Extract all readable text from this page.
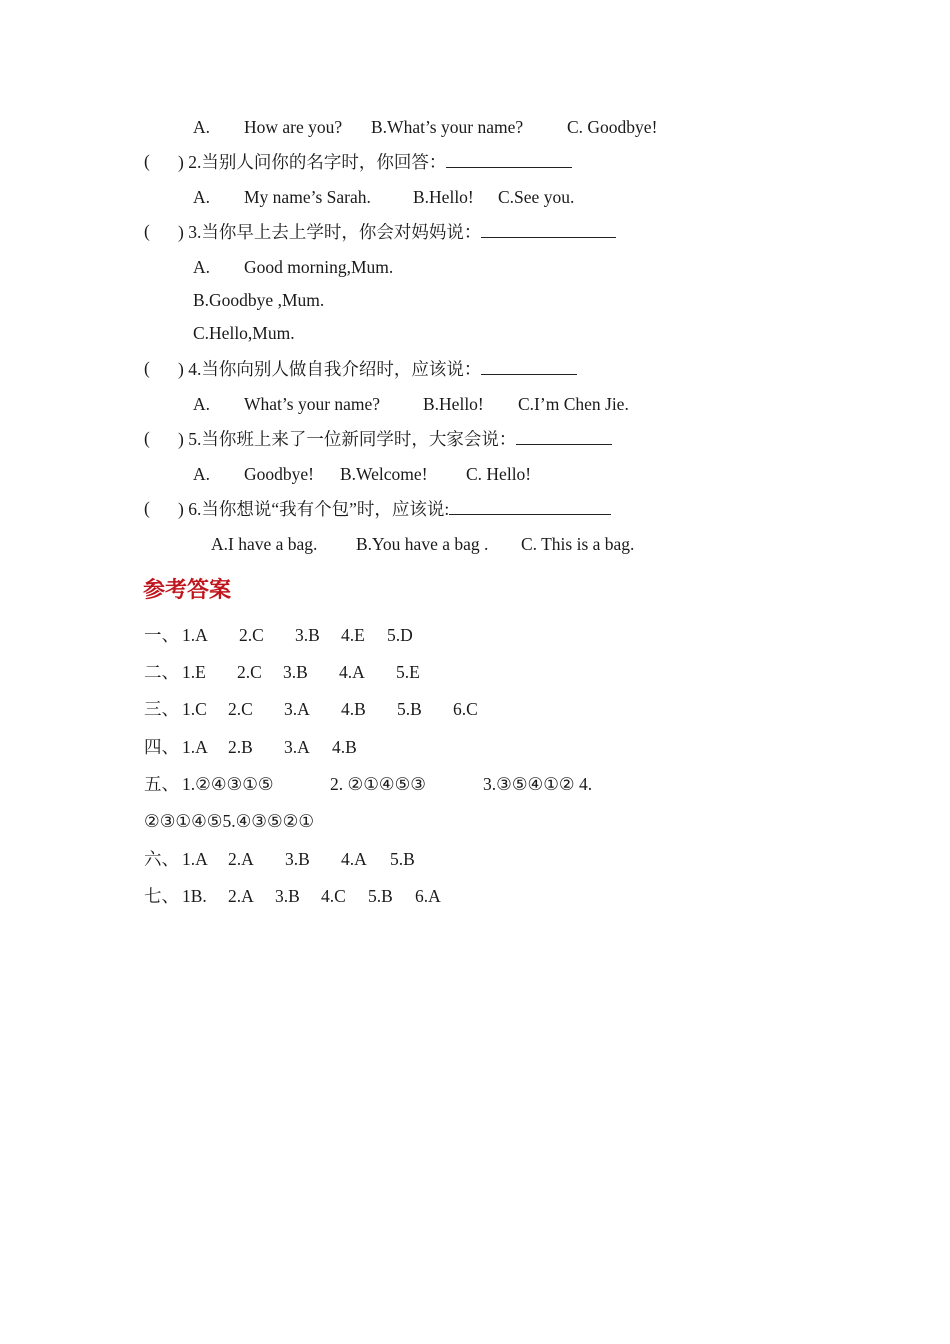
A. How are you? B.What’s your name?	C. Goodbye!
( ) 2.当别人问你的名字时，你回答：
A. My name’s Sarah. B.Hello! C.See you.
( ) 3.当你早上去上学时，你会对妈妈说：
A. Good morning,Mum.
B.Goodbye ,Mum.
C.Hello,Mum.
( ) 4.当你向别人做自我介绍时，应该说：
A. What’s your name? B.Hello! C.I’m Chen Jie.
( ) 5.当你班上来了一位新同学时，大家会说：
A. Goodbye! B.Welcome! C. Hello!
( ) 6.当你想说“我有个包”时，应该说:
A.I have a bag. B.You have a bag . C. This is a bag.
参考答案
一、 1.A 2.C 3.B 4.E 5.D
二、 1.E 2.C 3.B 4.A 5.E
三、 1.C 2.C 3.A 4.B 5.B 6.C
四、 1.A 2.B 3.A 4.B
五、 1.②④③①⑤	2. ②①④⑤③	3.③⑤④①② 4.
②③①④⑤5.④③⑤②①
六、 1.A 2.A 3.B 4.A 5.B
七、 1B. 2.A 3.B 4.C 5.B 6.A
